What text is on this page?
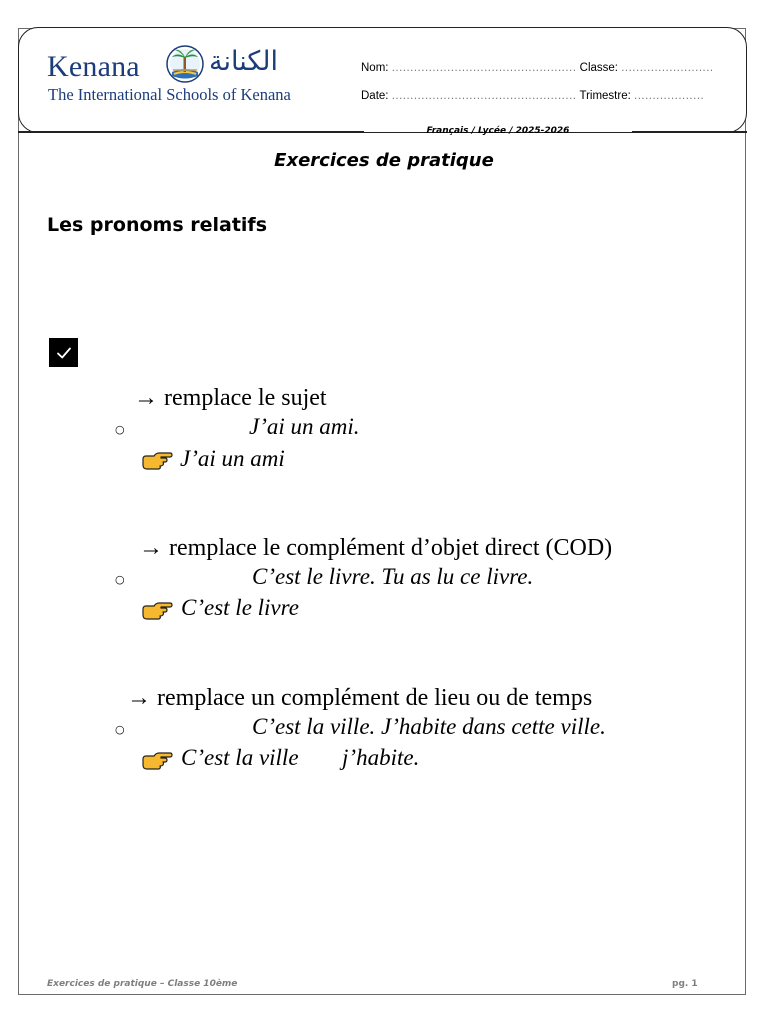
Kenana	الكنانة
The International Schools of Kenana
Nom: .................................................. Classe: .........................
Date: .................................................. Trimestre: ...................
Français / Lycée / 2025-2026
Exercices de pratique
Les pronoms relatifs
→ remplace le sujet
○	J’ai un ami.
J’ai un ami
→ remplace le complément d’objet direct (COD)
○	C’est le livre. Tu as lu ce livre.
C’est le livre
→ remplace un complément de lieu ou de temps
○	C’est la ville. J’habite dans cette ville.
C’est la ville j’habite.
Exercices de pratique – Classe 10ème	pg. 1
